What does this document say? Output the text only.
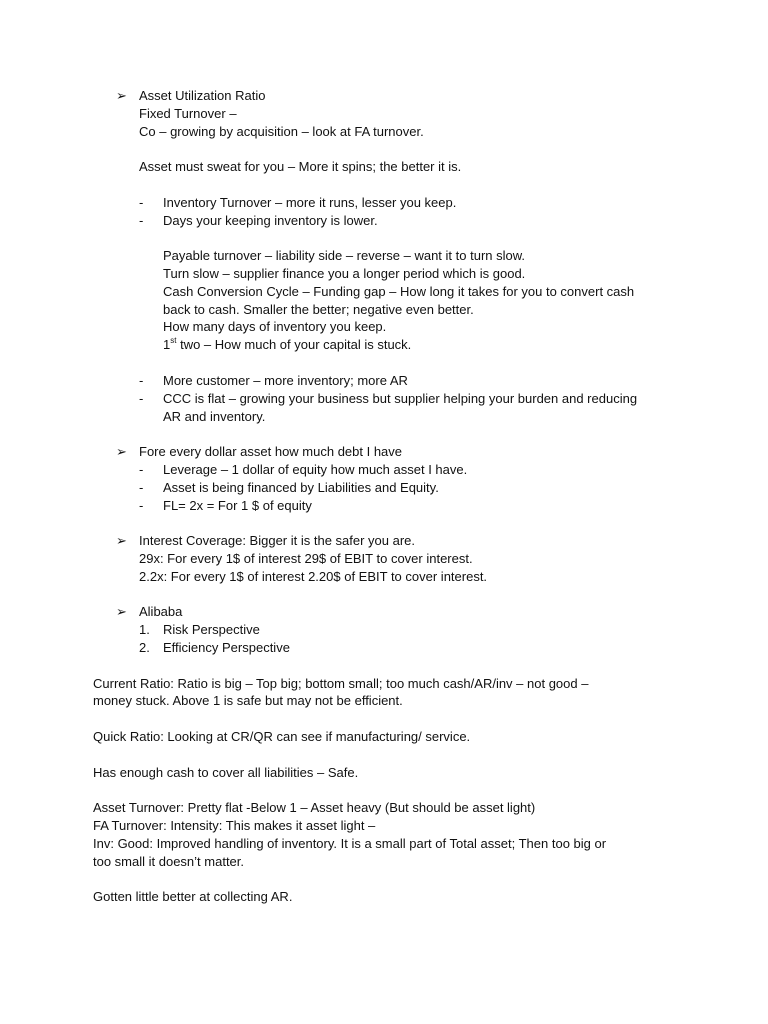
➢ Asset Utilization Ratio
Fixed Turnover –
Co – growing by acquisition – look at FA turnover.
Asset must sweat for you – More it spins; the better it is.
- Inventory Turnover – more it runs, lesser you keep.
- Days your keeping inventory is lower.
Payable turnover – liability side – reverse – want it to turn slow.
Turn slow – supplier finance you a longer period which is good.
Cash Conversion Cycle – Funding gap – How long it takes for you to convert cash
back to cash. Smaller the better; negative even better.
How many days of inventory you keep.
1st two – How much of your capital is stuck.
- More customer – more inventory; more AR
- CCC is flat – growing your business but supplier helping your burden and reducing
AR and inventory.
➢ Fore every dollar asset how much debt I have
- Leverage – 1 dollar of equity how much asset I have.
- Asset is being financed by Liabilities and Equity.
- FL= 2x = For 1 $ of equity
➢ Interest Coverage: Bigger it is the safer you are.
29x: For every 1$ of interest 29$ of EBIT to cover interest.
2.2x: For every 1$ of interest 2.20$ of EBIT to cover interest.
➢ Alibaba
1. Risk Perspective
2. Efficiency Perspective
Current Ratio: Ratio is big – Top big; bottom small; too much cash/AR/inv – not good –
money stuck. Above 1 is safe but may not be efficient.
Quick Ratio: Looking at CR/QR can see if manufacturing/ service.
Has enough cash to cover all liabilities – Safe.
Asset Turnover: Pretty flat -Below 1 – Asset heavy (But should be asset light)
FA Turnover: Intensity: This makes it asset light –
Inv: Good: Improved handling of inventory. It is a small part of Total asset; Then too big or
too small it doesn’t matter.
Gotten little better at collecting AR.
